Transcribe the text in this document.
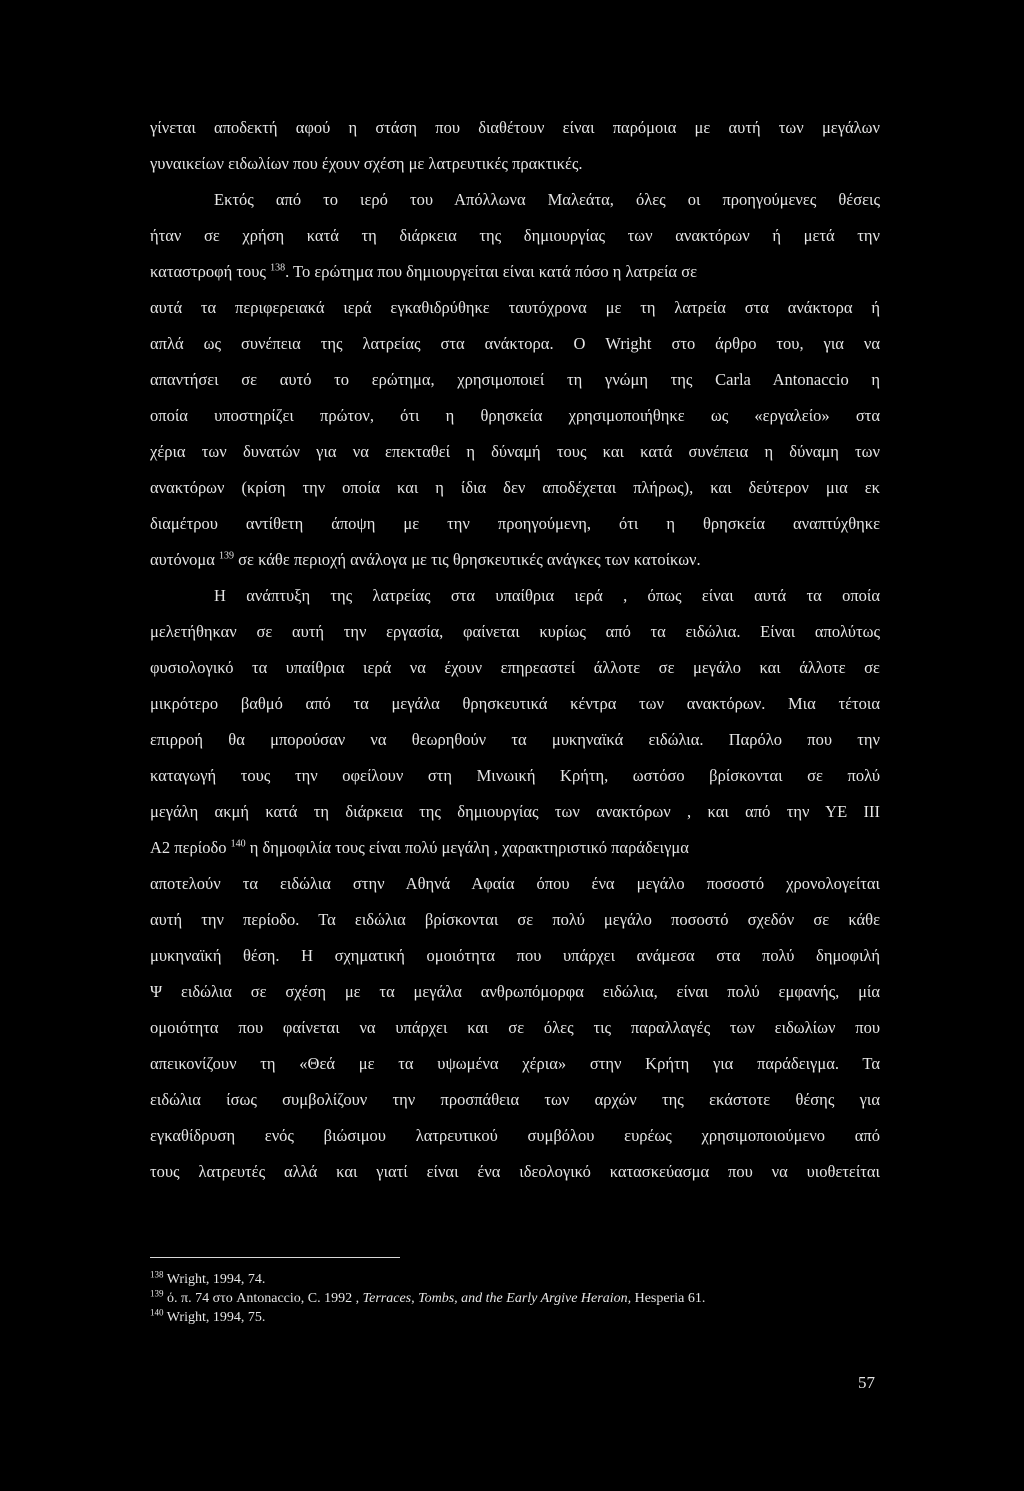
γίνεται αποδεκτή αφού η στάση που διαθέτουν είναι παρόμοια με αυτή των μεγάλων
γυναικείων ειδωλίων που έχουν σχέση με λατρευτικές πρακτικές.
Εκτός από το ιερό του Απόλλωνα Μαλεάτα, όλες οι προηγούμενες θέσεις
ήταν σε χρήση κατά τη διάρκεια της δημιουργίας των ανακτόρων ή μετά την
καταστροφή τους $^{138}$. Το ερώτημα που δημιουργείται είναι κατά πόσο η λατρεία σε
αυτά τα περιφερειακά ιερά εγκαθιδρύθηκε ταυτόχρονα με τη λατρεία στα ανάκτορα ή
απλά ως συνέπεια της λατρείας στα ανάκτορα. Ο Wright στο άρθρο του, για να
απαντήσει σε αυτό το ερώτημα, χρησιμοποιεί τη γνώμη της Carla Antonaccio η
οποία υποστηρίζει πρώτον, ότι η θρησκεία χρησιμοποιήθηκε ως «εργαλείο» στα
χέρια των δυνατών για να επεκταθεί η δύναμή τους και κατά συνέπεια η δύναμη των
ανακτόρων (κρίση την οποία και η ίδια δεν αποδέχεται πλήρως), και δεύτερον μια εκ
διαμέτρου αντίθετη άποψη με την προηγούμενη, ότι η θρησκεία αναπτύχθηκε
αυτόνομα $^{139}$ σε κάθε περιοχή ανάλογα με τις θρησκευτικές ανάγκες των κατοίκων.
Η ανάπτυξη της λατρείας στα υπαίθρια ιερά , όπως είναι αυτά τα οποία
μελετήθηκαν σε αυτή την εργασία, φαίνεται κυρίως από τα ειδώλια. Είναι απολύτως
φυσιολογικό τα υπαίθρια ιερά να έχουν επηρεαστεί άλλοτε σε μεγάλο και άλλοτε σε
μικρότερο βαθμό από τα μεγάλα θρησκευτικά κέντρα των ανακτόρων. Μια τέτοια
επιρροή θα μπορούσαν να θεωρηθούν τα μυκηναϊκά ειδώλια. Παρόλο που την
καταγωγή τους την οφείλουν στη Μινωική Κρήτη, ωστόσο βρίσκονται σε πολύ
μεγάλη ακμή κατά τη διάρκεια της δημιουργίας των ανακτόρων , και από την ΥΕ ΙΙΙ
Α2 περίοδο $^{140}$ η δημοφιλία τους είναι πολύ μεγάλη , χαρακτηριστικό παράδειγμα
αποτελούν τα ειδώλια στην Αθηνά Αφαία όπου ένα μεγάλο ποσοστό χρονολογείται
αυτή την περίοδο. Τα ειδώλια βρίσκονται σε πολύ μεγάλο ποσοστό σχεδόν σε κάθε
μυκηναϊκή θέση. Η σχηματική ομοιότητα που υπάρχει ανάμεσα στα πολύ δημοφιλή
Ψ ειδώλια σε σχέση με τα μεγάλα ανθρωπόμορφα ειδώλια, είναι πολύ εμφανής, μία
ομοιότητα που φαίνεται να υπάρχει και σε όλες τις παραλλαγές των ειδωλίων που
απεικονίζουν τη «Θεά με τα υψωμένα χέρια» στην Κρήτη για παράδειγμα. Τα
ειδώλια ίσως συμβολίζουν την προσπάθεια των αρχών της εκάστοτε θέσης για
εγκαθίδρυση ενός βιώσιμου λατρευτικού συμβόλου ευρέως χρησιμοποιούμενο από
τους λατρευτές αλλά και γιατί είναι ένα ιδεολογικό κατασκεύασμα που να υιοθετείται
$^{138}$ Wright, 1994, 74.
$^{139}$ ό. π. 74 στο Antonaccio, C. 1992 , Terraces, Tombs, and the Early Argive Heraion, Hesperia 61.
$^{140}$ Wright, 1994, 75.
57
